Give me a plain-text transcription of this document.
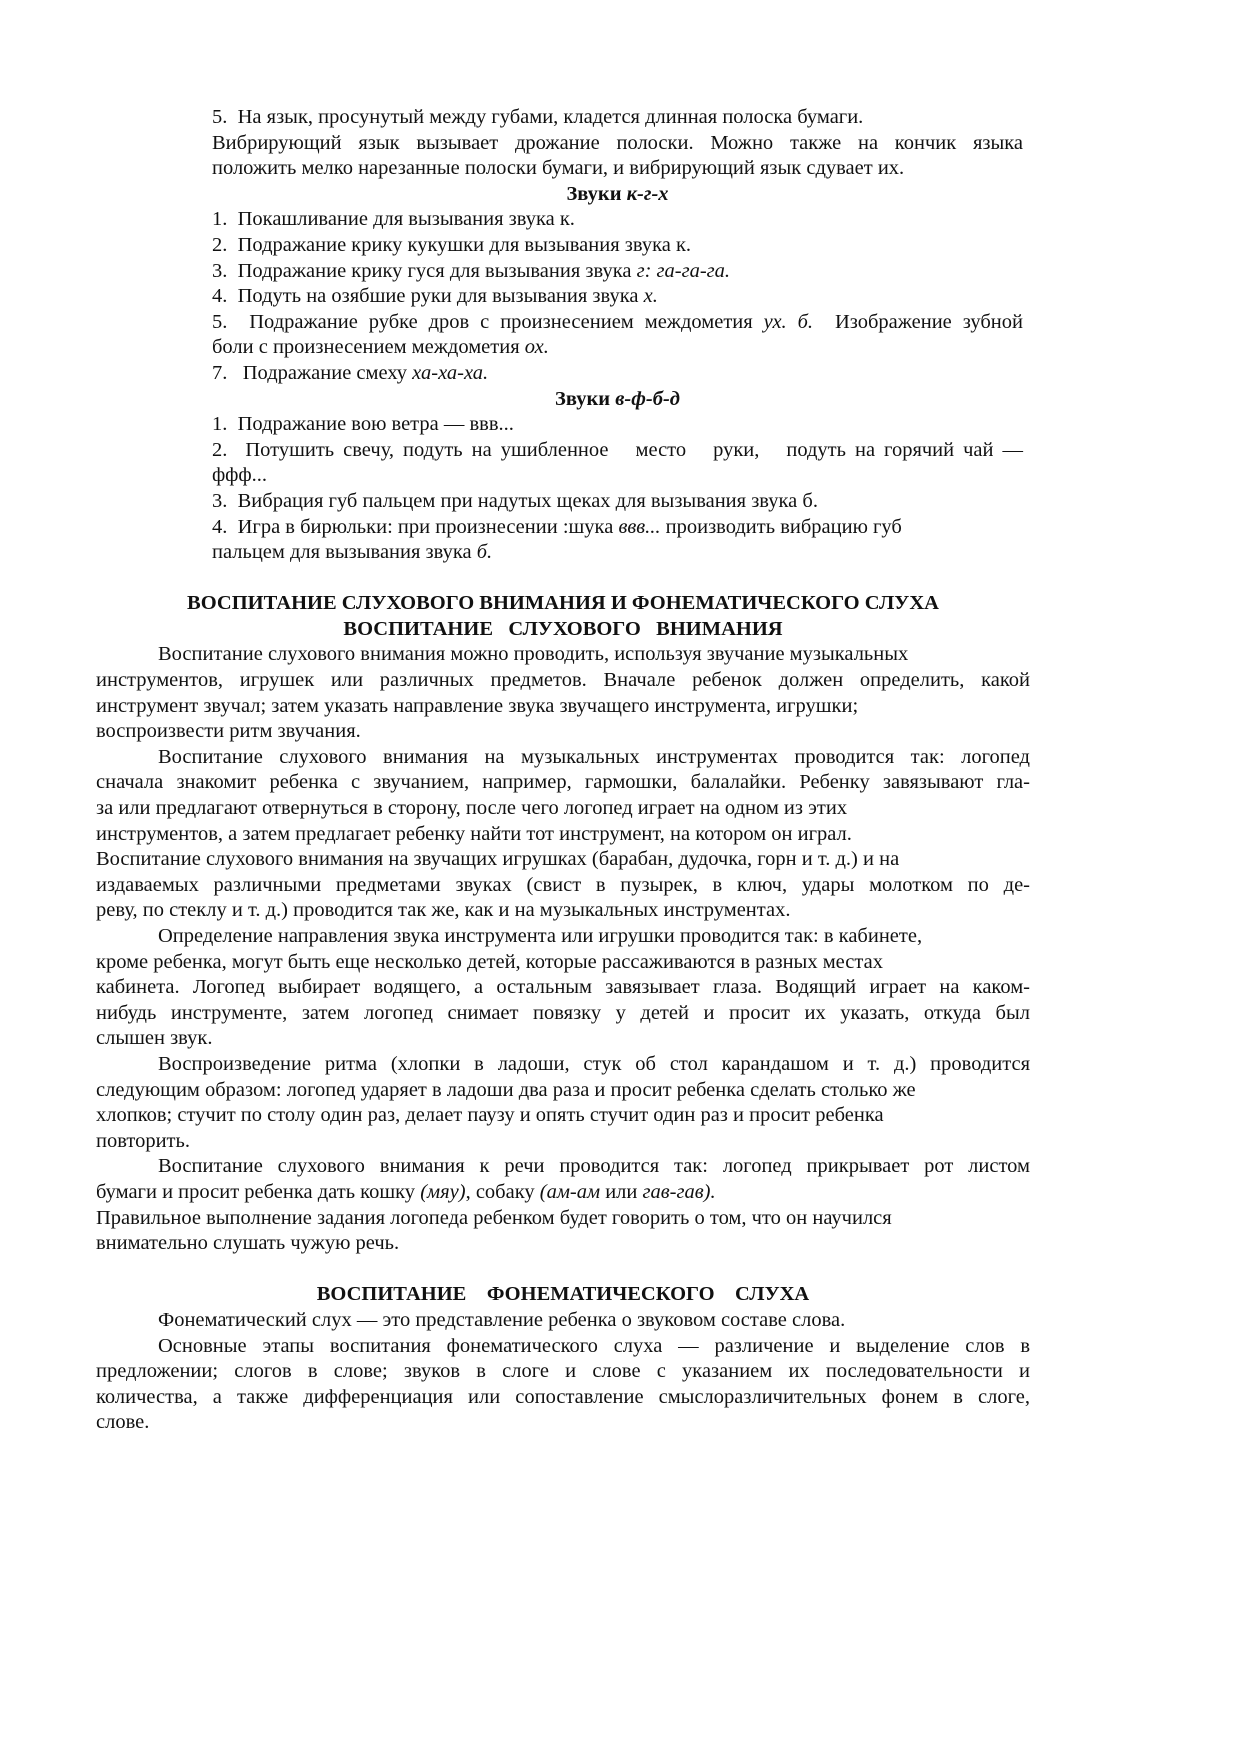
5.  На язык, просунутый между губами, кладется длинная полоска бумаги.
Вибрирующий язык вызывает дрожание полоски. Можно также на кончик языка
положить мелко нарезанные полоски бумаги, и вибрирующий язык сдувает их.
Звуки к-г-х
1.  Покашливание для вызывания звука к.
2.  Подражание крику кукушки для вызывания звука к.
3.  Подражание крику гуся для вызывания звука г: га-га-га.
4.  Подуть на озябшие руки для вызывания звука х.
5.  Подражание рубке дров с произнесением междометия ух. б.  Изображение зубной
боли с произнесением междометия ох.
7.   Подражание смеху ха-ха-ха.
Звуки в-ф-б-д
1.  Подражание вою ветра — ввв...
2.  Потушить свечу, подуть на ушибленное   место   руки,   подуть на горячий чай —
ффф...
3.  Вибрация губ пальцем при надутых щеках для вызывания звука б.
4.  Игра в бирюльки: при произнесении :шука ввв... производить вибрацию губ
пальцем для вызывания звука б.
ВОСПИТАНИЕ СЛУХОВОГО ВНИМАНИЯ И ФОНЕМАТИЧЕСКОГО СЛУХА
ВОСПИТАНИЕ   СЛУХОВОГО   ВНИМАНИЯ
Воспитание слухового внимания можно проводить, используя звучание музыкальных
инструментов, игрушек или различных предметов. Вначале ребенок должен определить, какой
инструмент звучал; затем указать направление звука звучащего инструмента, игрушки;
воспроизвести ритм звучания.
Воспитание слухового внимания на музыкальных инструментах проводится так: логопед
сначала знакомит ребенка с звучанием, например, гармошки, балалайки. Ребенку завязывают гла-
за или предлагают отвернуться в сторону, после чего логопед играет на одном из этих
инструментов, а затем предлагает ребенку найти тот инструмент, на котором он играл.
Воспитание слухового внимания на звучащих игрушках (барабан, дудочка, горн и т. д.) и на
издаваемых различными предметами звуках (свист в пузырек, в ключ, удары молотком по де-
реву, по стеклу и т. д.) проводится так же, как и на музыкальных инструментах.
Определение направления звука инструмента или игрушки проводится так: в кабинете,
кроме ребенка, могут быть еще несколько детей, которые рассаживаются в разных местах
кабинета. Логопед выбирает водящего, а остальным завязывает глаза. Водящий играет на каком-
нибудь инструменте, затем логопед снимает повязку у детей и просит их указать, откуда был
слышен звук.
Воспроизведение ритма (хлопки в ладоши, стук об стол карандашом и т. д.) проводится
следующим образом: логопед ударяет в ладоши два раза и просит ребенка сделать столько же
хлопков; стучит по столу один раз, делает паузу и опять стучит один раз и просит ребенка
повторить.
Воспитание слухового внимания к речи проводится так: логопед прикрывает рот листом
бумаги и просит ребенка дать кошку (мяу), собаку (ам-ам или гав-гав).
Правильное выполнение задания логопеда ребенком будет говорить о том, что он научился
внимательно слушать чужую речь.
ВОСПИТАНИЕ    ФОНЕМАТИЧЕСКОГО    СЛУХА
Фонематический слух — это представление ребенка о звуковом составе слова.
Основные этапы воспитания фонематического слуха — различение и выделение слов в
предложении; слогов в слове; звуков в слоге и слове с указанием их последовательности и
количества, а также дифференциация или сопоставление смыслоразличительных фонем в слоге,
слове.
